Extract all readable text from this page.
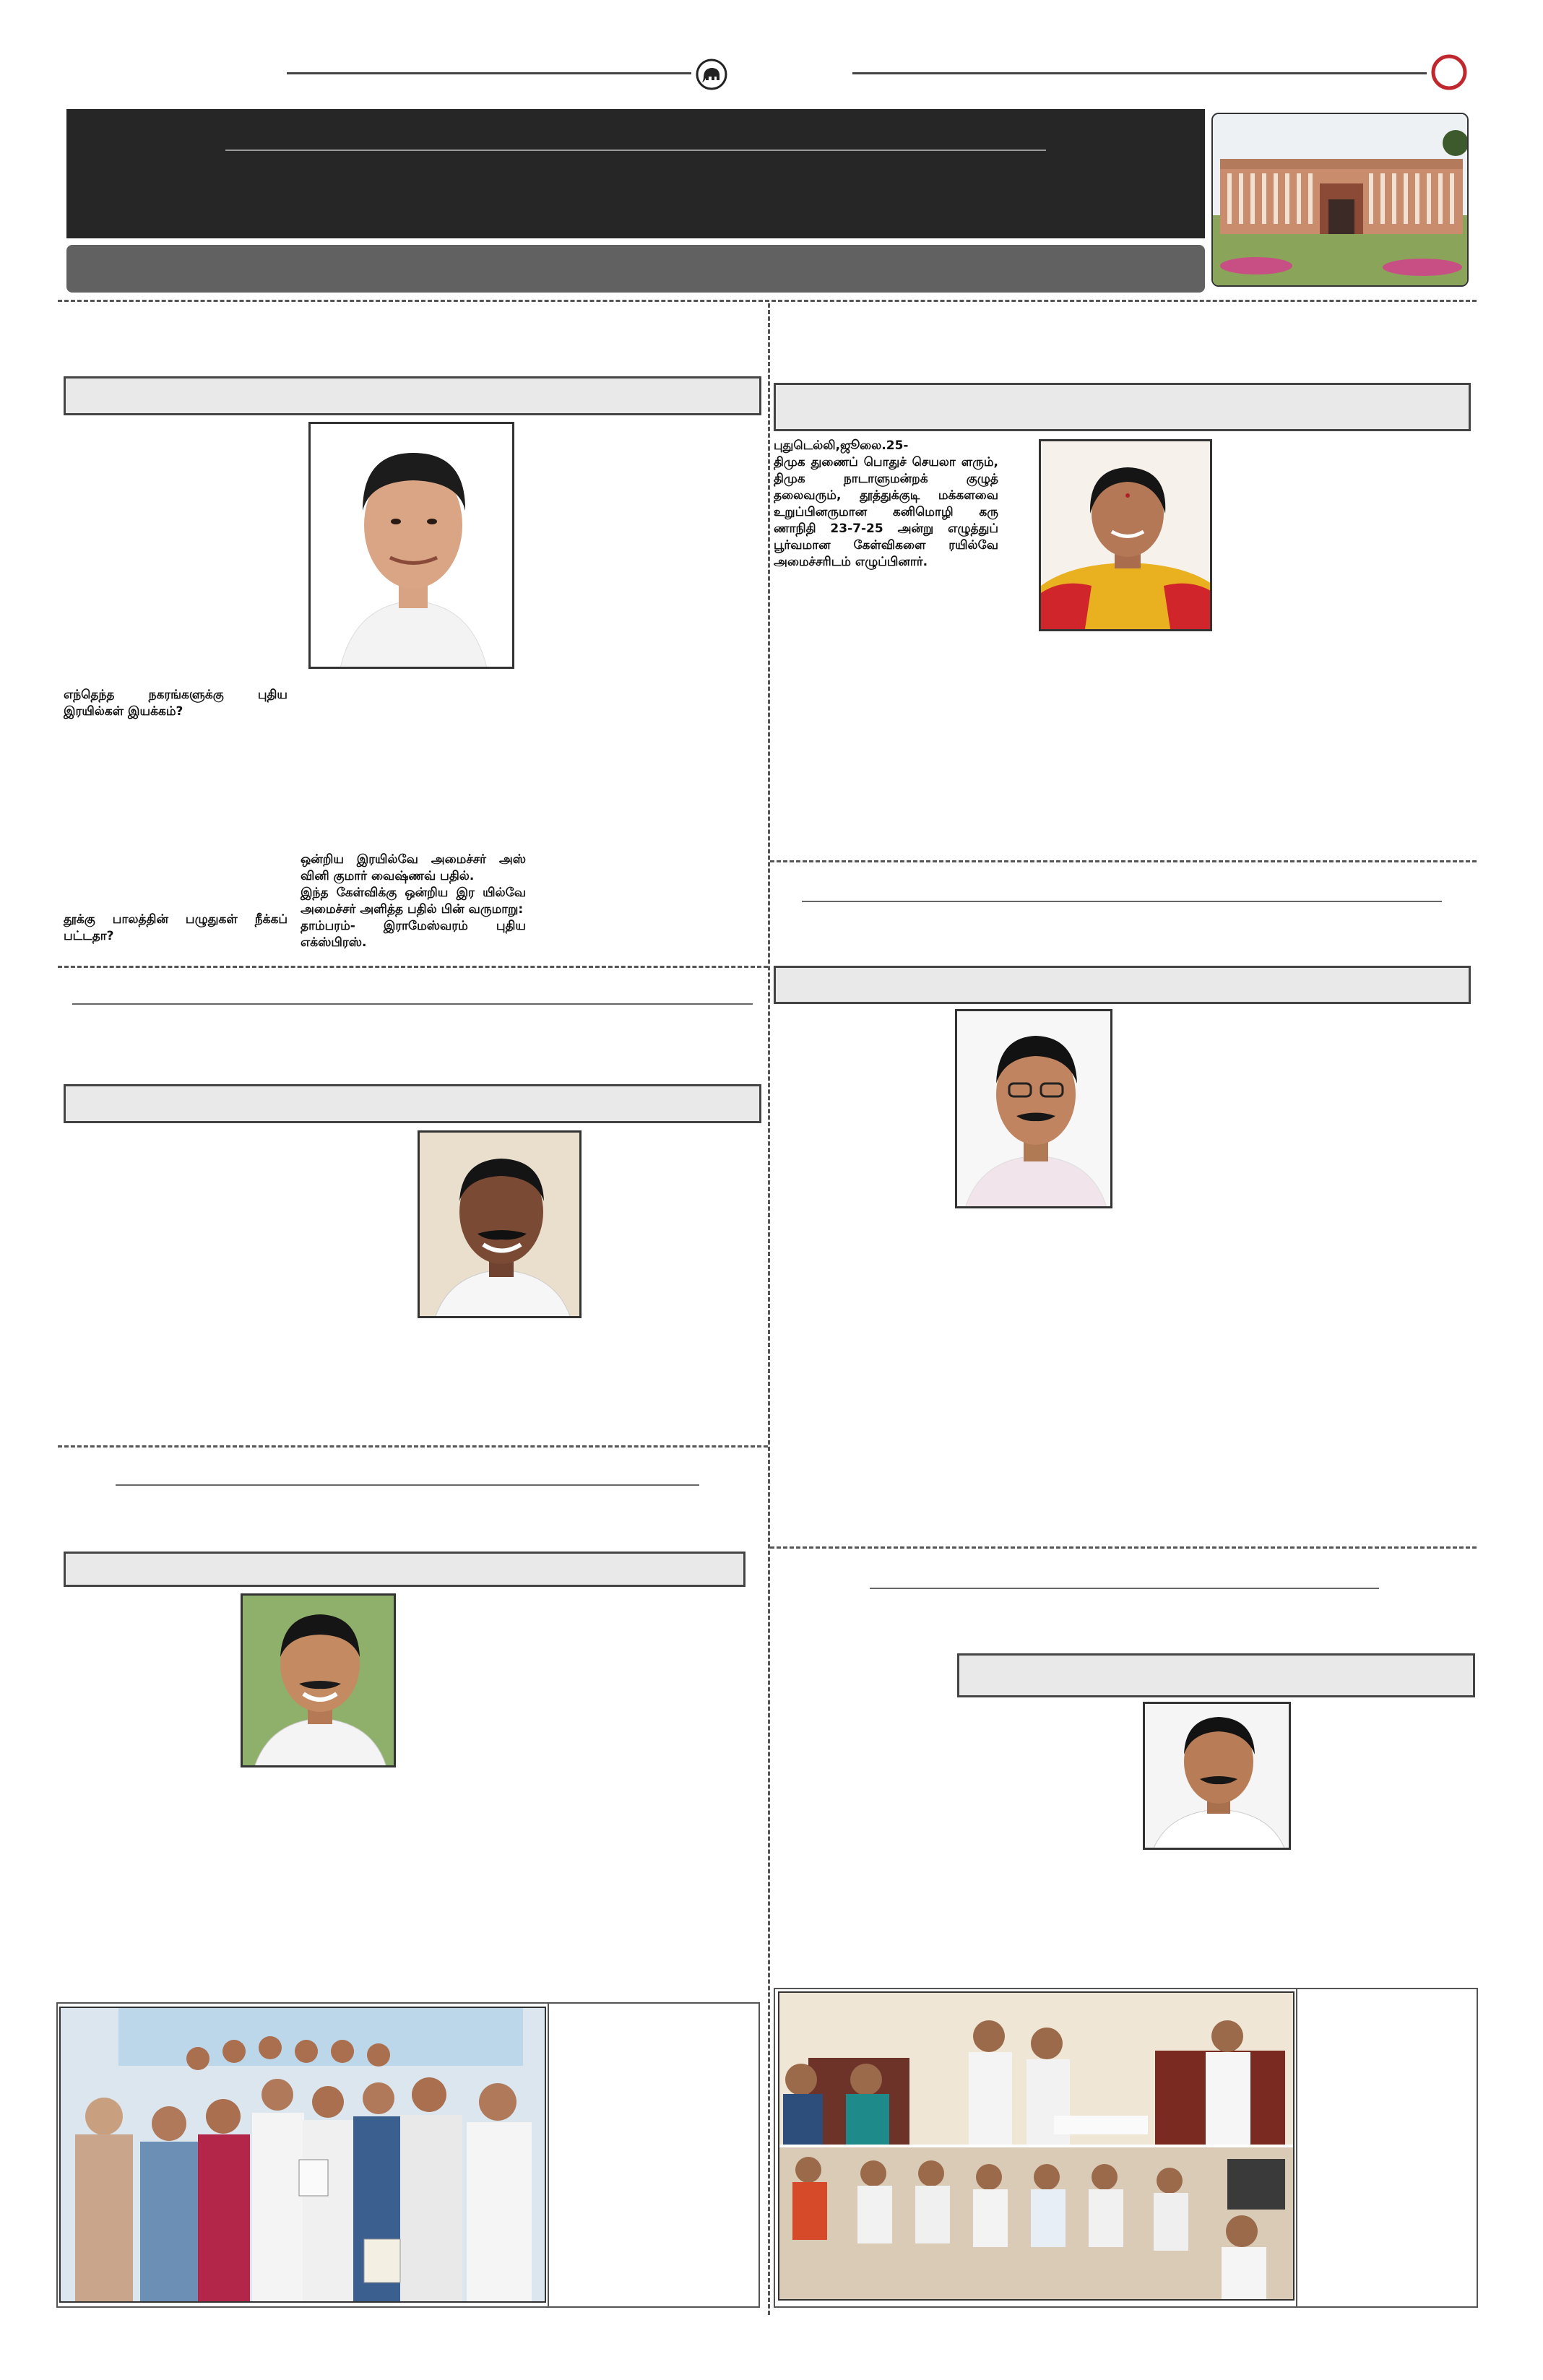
எந்தெந்த நகரங்களுக்கு புதிய இரயில்கள் இயக்கம்?
தூக்கு பாலத்தின் பழுதுகள் நீக்கப் பட்டதா?
ஒன்றிய இரயில்வே அமைச்சர் அஸ் வினி குமார் வைஷ்ணவ் பதில்.
இந்த கேள்விக்கு ஒன்றிய இர யில்வே அமைச்சர் அளித்த பதில் பின் வருமாறு:
தாம்பரம்- இராமேஸ்வரம் புதிய எக்ஸ்பிரஸ்.
புதுடெல்லி,ஜூலை.25-
திமுக துணைப் பொதுச் செயலா ளரும், திமுக நாடாளுமன்றக் குழுத் தலைவரும், தூத்துக்குடி மக்களவை உறுப்பினருமான கனிமொழி கரு ணாநிதி 23-7-25 அன்று எழுத்துப் பூர்வமான கேள்விகளை ரயில்வே அமைச்சரிடம் எழுப்பினார்.
